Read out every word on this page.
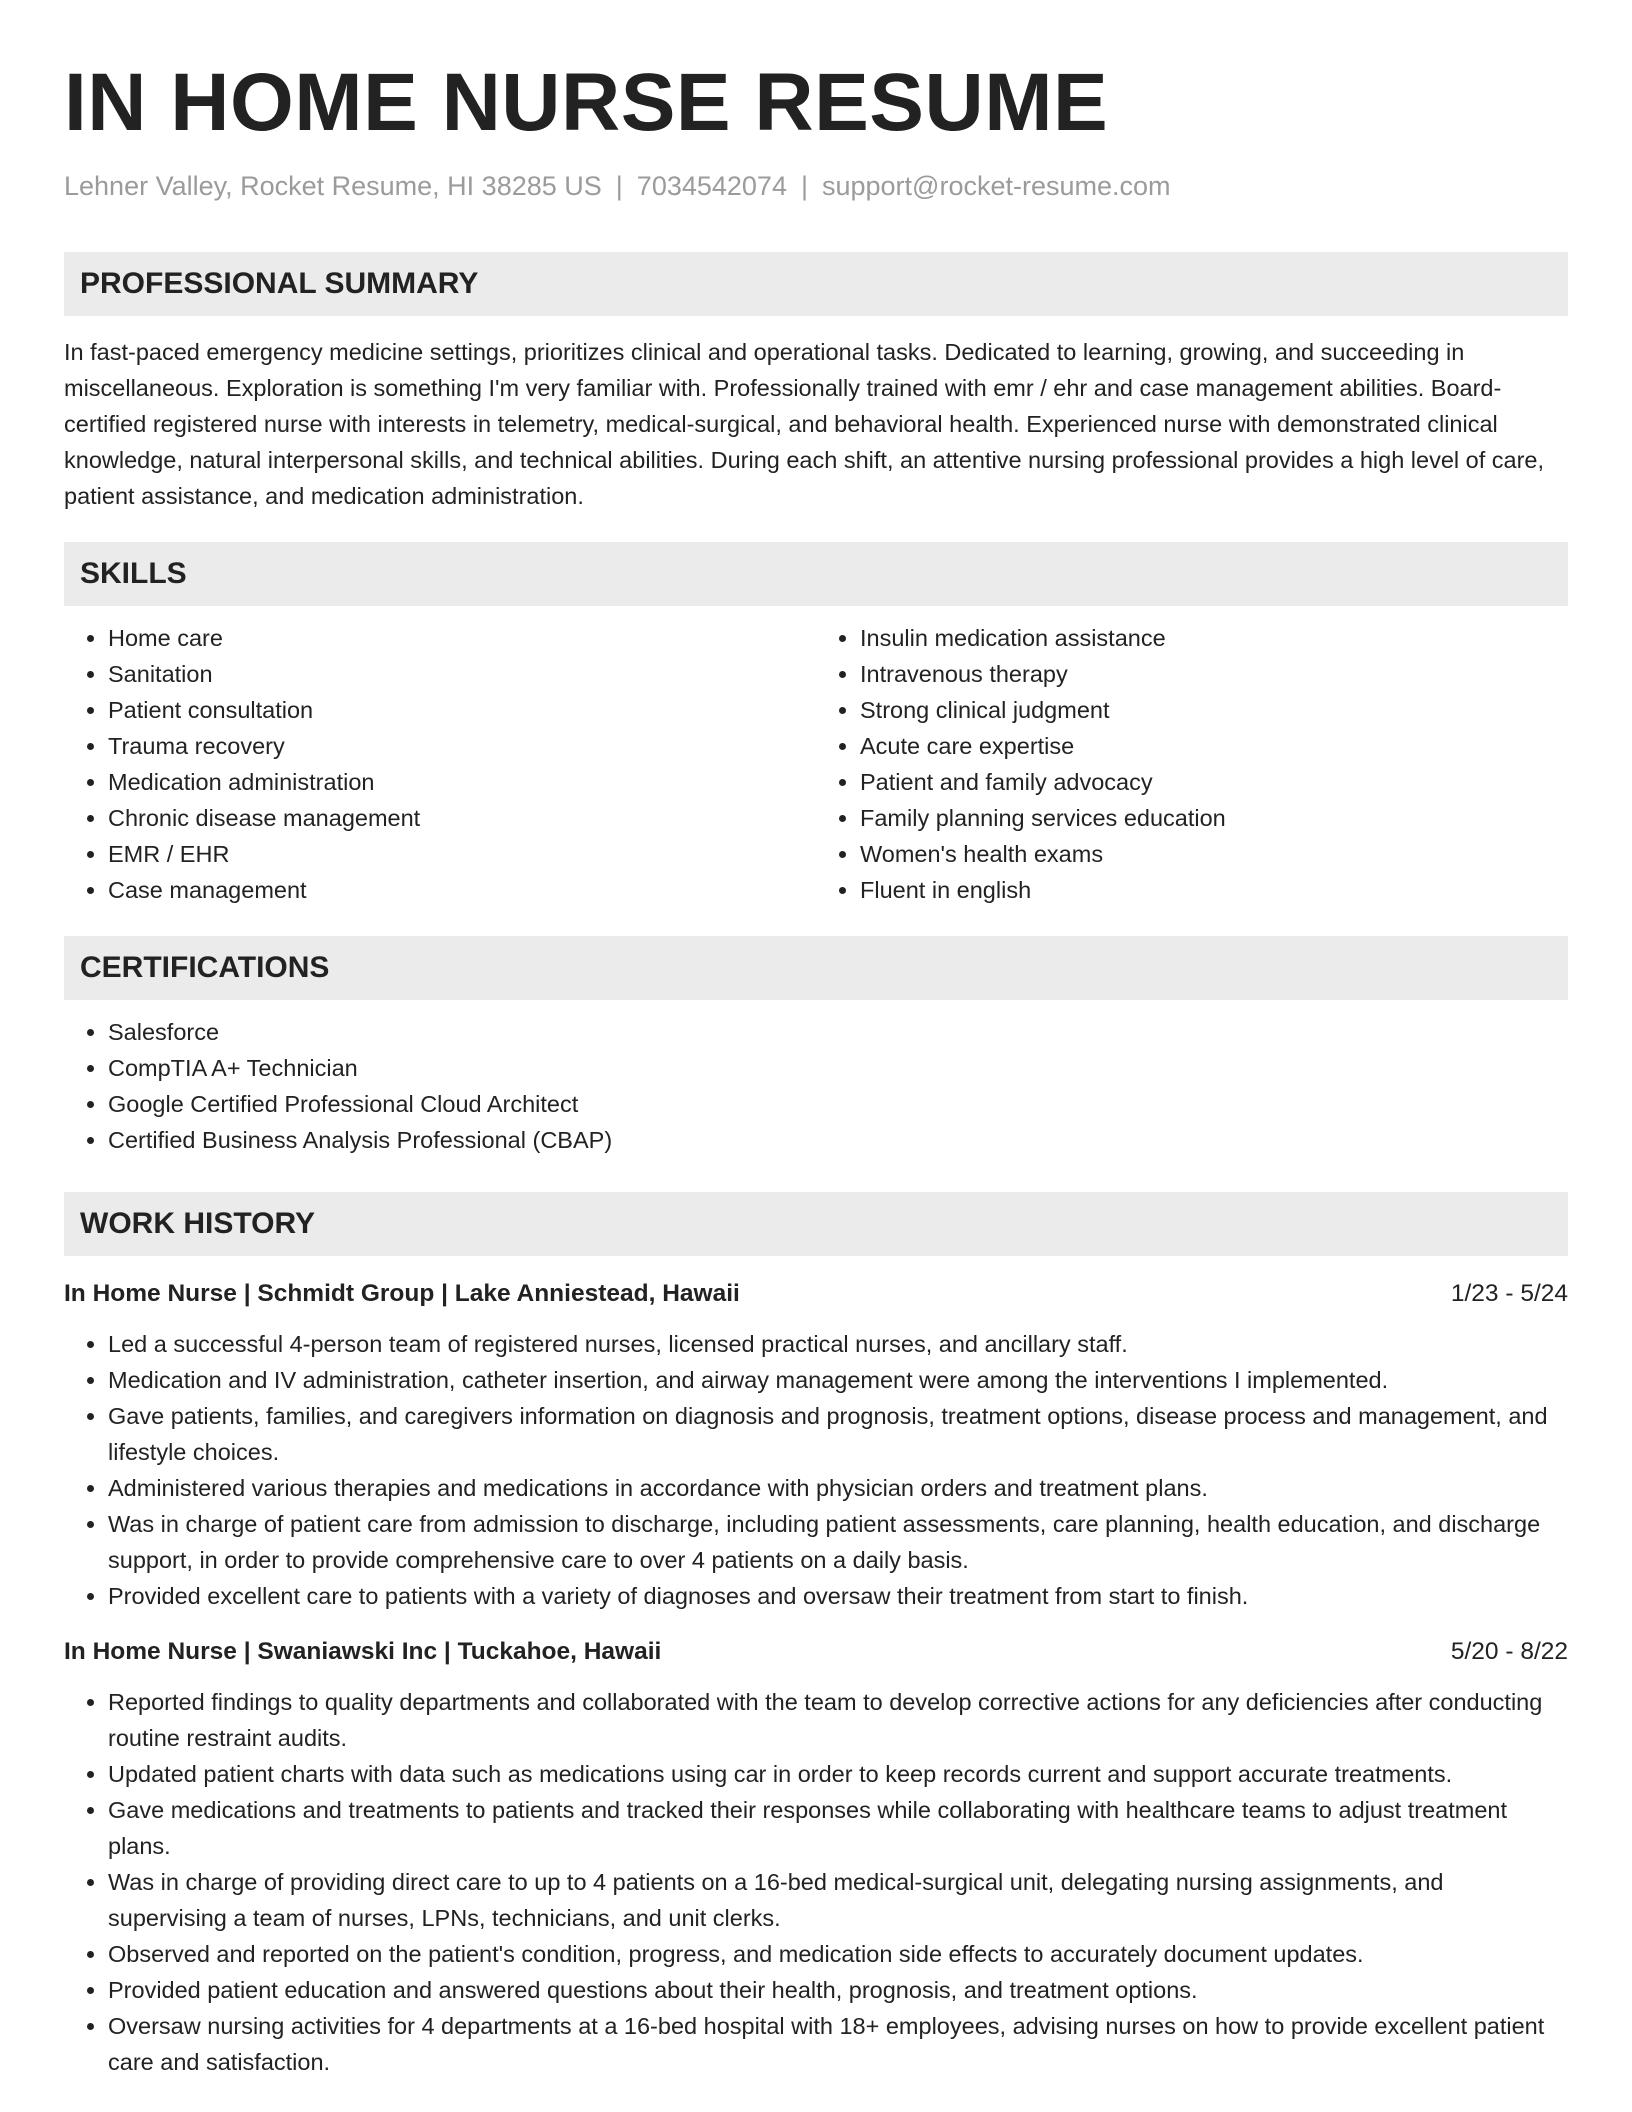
IN HOME NURSE RESUME
Lehner Valley, Rocket Resume, HI 38285 US | 7034542074 | support@rocket-resume.com
PROFESSIONAL SUMMARY

In fast-paced emergency medicine settings, prioritizes clinical and operational tasks. Dedicated to learning, growing, and succeeding in miscellaneous. Exploration is something I'm very familiar with. Professionally trained with emr / ehr and case management abilities. Board-certified registered nurse with interests in telemetry, medical-surgical, and behavioral health. Experienced nurse with demonstrated clinical knowledge, natural interpersonal skills, and technical abilities. During each shift, an attentive nursing professional provides a high level of care, patient assistance, and medication administration.

SKILLS
• Home care
• Sanitation
• Patient consultation
• Trauma recovery
• Medication administration
• Chronic disease management
• EMR / EHR
• Case management
• Insulin medication assistance
• Intravenous therapy
• Strong clinical judgment
• Acute care expertise
• Patient and family advocacy
• Family planning services education
• Women's health exams
• Fluent in english
CERTIFICATIONS
• Salesforce
• CompTIA A+ Technician
• Google Certified Professional Cloud Architect
• Certified Business Analysis Professional (CBAP)
WORK HISTORY
In Home Nurse | Schmidt Group | Lake Anniestead, Hawaii	1/23 - 5/24
• Led a successful 4-person team of registered nurses, licensed practical nurses, and ancillary staff.
• Medication and IV administration, catheter insertion, and airway management were among the interventions I implemented.
• Gave patients, families, and caregivers information on diagnosis and prognosis, treatment options, disease process and management, and lifestyle choices.
• Administered various therapies and medications in accordance with physician orders and treatment plans.
• Was in charge of patient care from admission to discharge, including patient assessments, care planning, health education, and discharge support, in order to provide comprehensive care to over 4 patients on a daily basis.
• Provided excellent care to patients with a variety of diagnoses and oversaw their treatment from start to finish.
In Home Nurse | Swaniawski Inc | Tuckahoe, Hawaii	5/20 - 8/22
• Reported findings to quality departments and collaborated with the team to develop corrective actions for any deficiencies after conducting routine restraint audits.
• Updated patient charts with data such as medications using car in order to keep records current and support accurate treatments.
• Gave medications and treatments to patients and tracked their responses while collaborating with healthcare teams to adjust treatment plans.
• Was in charge of providing direct care to up to 4 patients on a 16-bed medical-surgical unit, delegating nursing assignments, and supervising a team of nurses, LPNs, technicians, and unit clerks.
• Observed and reported on the patient's condition, progress, and medication side effects to accurately document updates.
• Provided patient education and answered questions about their health, prognosis, and treatment options.
• Oversaw nursing activities for 4 departments at a 16-bed hospital with 18+ employees, advising nurses on how to provide excellent patient care and satisfaction.
